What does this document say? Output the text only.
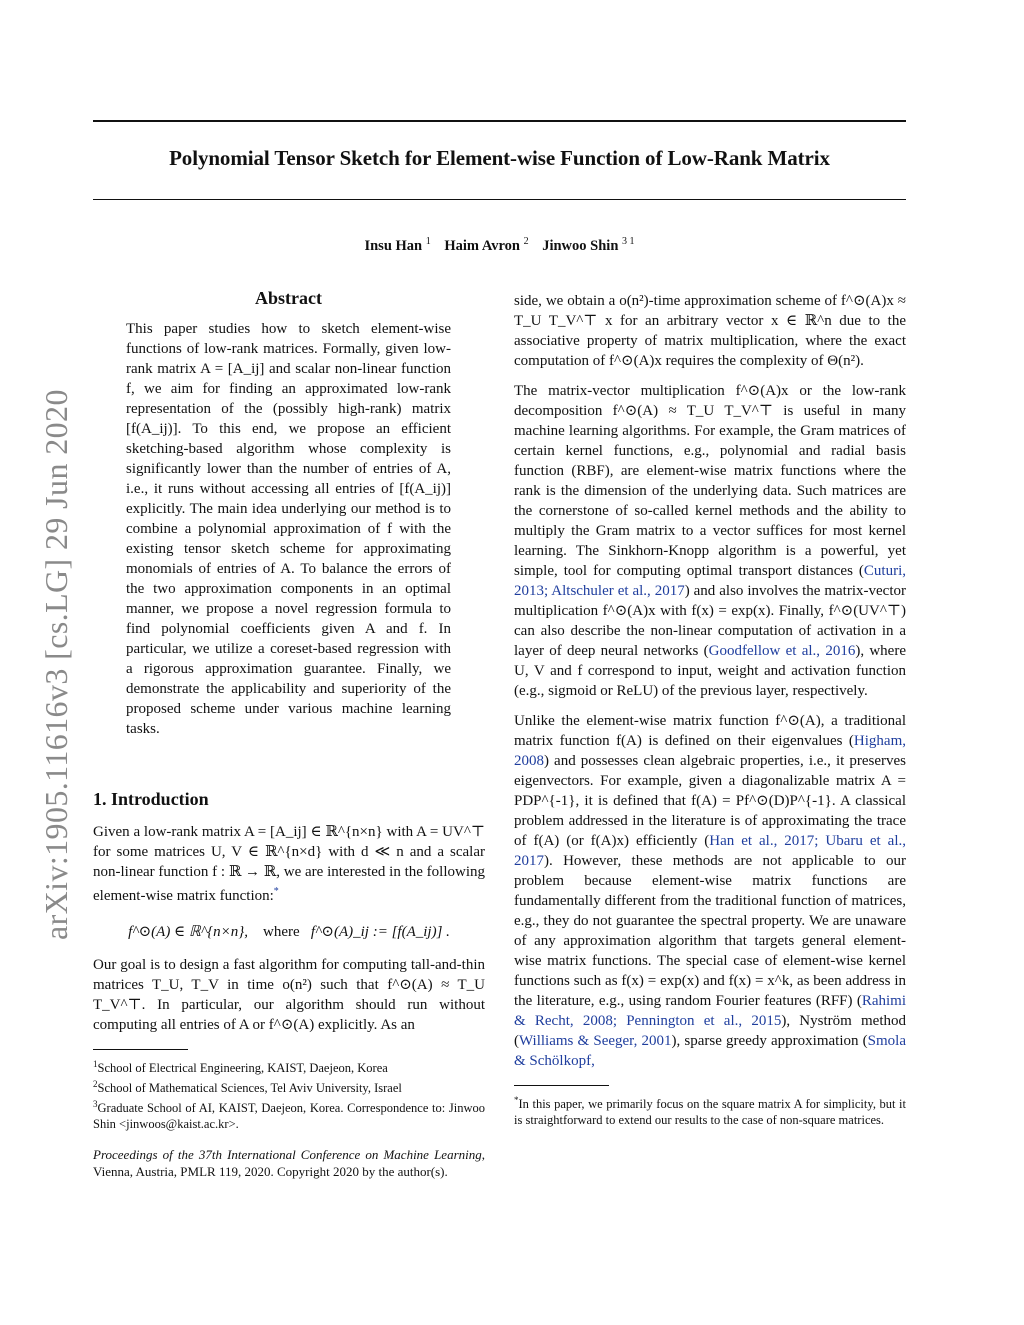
Polynomial Tensor Sketch for Element-wise Function of Low-Rank Matrix
Insu Han $^1$ Haim Avron $^2$ Jinwoo Shin $^{3 1}$
arXiv:1905.11616v3 [cs.LG] 29 Jun 2020
Abstract

This paper studies how to sketch element-wise functions of low-rank matrices. Formally, given low-rank matrix A = [A_ij] and scalar non-linear function f, we aim for finding an approximated low-rank representation of the (possibly high-rank) matrix [f(A_ij)]. To this end, we propose an efficient sketching-based algorithm whose complexity is significantly lower than the number of entries of A, i.e., it runs without accessing all entries of [f(A_ij)] explicitly. The main idea underlying our method is to combine a polynomial approximation of f with the existing tensor sketch scheme for approximating monomials of entries of A. To balance the errors of the two approximation components in an optimal manner, we propose a novel regression formula to find polynomial coefficients given A and f. In particular, we utilize a coreset-based regression with a rigorous approximation guarantee. Finally, we demonstrate the applicability and superiority of the proposed scheme under various machine learning tasks.

1. Introduction

Given a low-rank matrix A = [A_ij] ∈ ℝ^{n×n} with A = UV^⊤ for some matrices U, V ∈ ℝ^{n×d} with d ≪ n and a scalar non-linear function f : ℝ → ℝ, we are interested in the following element-wise matrix function:*

f^⊙(A) ∈ ℝ^{n×n}, where f^⊙(A)_ij := [f(A_ij)] .

Our goal is to design a fast algorithm for computing tall-and-thin matrices T_U, T_V in time o(n²) such that f^⊙(A) ≈ T_U T_V^⊤. In particular, our algorithm should run without computing all entries of A or f^⊙(A) explicitly. As an

$^1$School of Electrical Engineering, KAIST, Daejeon, Korea

$^2$School of Mathematical Sciences, Tel Aviv University, Israel

$^3$Graduate School of AI, KAIST, Daejeon, Korea. Correspondence to: Jinwoo Shin <jinwoos@kaist.ac.kr>.

Proceedings of the 37th International Conference on Machine Learning, Vienna, Austria, PMLR 119, 2020. Copyright 2020 by the author(s).

side, we obtain a o(n²)-time approximation scheme of f^⊙(A)x ≈ T_U T_V^⊤ x for an arbitrary vector x ∈ ℝ^n due to the associative property of matrix multiplication, where the exact computation of f^⊙(A)x requires the complexity of Θ(n²).

The matrix-vector multiplication f^⊙(A)x or the low-rank decomposition f^⊙(A) ≈ T_U T_V^⊤ is useful in many machine learning algorithms. For example, the Gram matrices of certain kernel functions, e.g., polynomial and radial basis function (RBF), are element-wise matrix functions where the rank is the dimension of the underlying data. Such matrices are the cornerstone of so-called kernel methods and the ability to multiply the Gram matrix to a vector suffices for most kernel learning. The Sinkhorn-Knopp algorithm is a powerful, yet simple, tool for computing optimal transport distances (Cuturi, 2013; Altschuler et al., 2017) and also involves the matrix-vector multiplication f^⊙(A)x with f(x) = exp(x). Finally, f^⊙(UV^⊤) can also describe the non-linear computation of activation in a layer of deep neural networks (Goodfellow et al., 2016), where U, V and f correspond to input, weight and activation function (e.g., sigmoid or ReLU) of the previous layer, respectively.

Unlike the element-wise matrix function f^⊙(A), a traditional matrix function f(A) is defined on their eigenvalues (Higham, 2008) and possesses clean algebraic properties, i.e., it preserves eigenvectors. For example, given a diagonalizable matrix A = PDP^{-1}, it is defined that f(A) = Pf^⊙(D)P^{-1}. A classical problem addressed in the literature is of approximating the trace of f(A) (or f(A)x) efficiently (Han et al., 2017; Ubaru et al., 2017). However, these methods are not applicable to our problem because element-wise matrix functions are fundamentally different from the traditional function of matrices, e.g., they do not guarantee the spectral property. We are unaware of any approximation algorithm that targets general element-wise matrix functions. The special case of element-wise kernel functions such as f(x) = exp(x) and f(x) = x^k, as been address in the literature, e.g., using random Fourier features (RFF) (Rahimi & Recht, 2008; Pennington et al., 2015), Nyström method (Williams & Seeger, 2001), sparse greedy approximation (Smola & Schölkopf,

*In this paper, we primarily focus on the square matrix A for simplicity, but it is straightforward to extend our results to the case of non-square matrices.
